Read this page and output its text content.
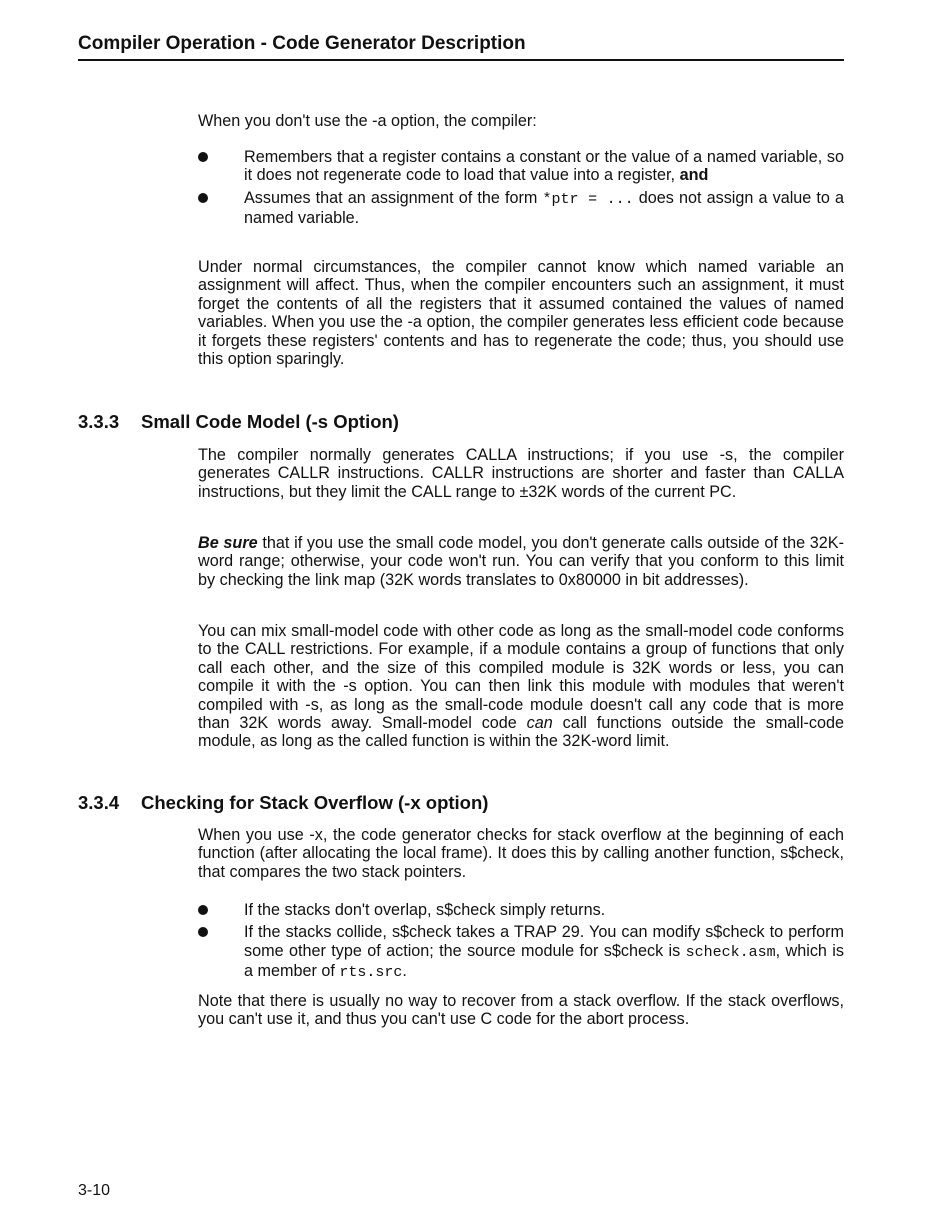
Compiler Operation - Code Generator Description

When you don't use the -a option, the compiler:

Remembers that a register contains a constant or the value of a named variable, so it does not regenerate code to load that value into a register, and
Assumes that an assignment of the form *ptr = ... does not assign a value to a named variable.

Under normal circumstances, the compiler cannot know which named variable an assignment will affect. Thus, when the compiler encounters such an assignment, it must forget the contents of all the registers that it assumed contained the values of named variables. When you use the -a option, the compiler generates less efficient code because it forgets these registers' contents and has to regenerate the code; thus, you should use this option sparingly.

3.3.3 Small Code Model (-s Option)

The compiler normally generates CALLA instructions; if you use -s, the compiler generates CALLR instructions. CALLR instructions are shorter and faster than CALLA instructions, but they limit the CALL range to ±32K words of the current PC.

Be sure that if you use the small code model, you don't generate calls outside of the 32K-word range; otherwise, your code won't run. You can verify that you conform to this limit by checking the link map (32K words translates to 0x80000 in bit addresses).

You can mix small-model code with other code as long as the small-model code conforms to the CALL restrictions. For example, if a module contains a group of functions that only call each other, and the size of this compiled module is 32K words or less, you can compile it with the -s option. You can then link this module with modules that weren't compiled with -s, as long as the small-code module doesn't call any code that is more than 32K words away. Small-model code can call functions outside the small-code module, as long as the called function is within the 32K-word limit.

3.3.4 Checking for Stack Overflow (-x option)

When you use -x, the code generator checks for stack overflow at the beginning of each function (after allocating the local frame). It does this by calling another function, s$check, that compares the two stack pointers.

If the stacks don't overlap, s$check simply returns.
If the stacks collide, s$check takes a TRAP 29. You can modify s$check to perform some other type of action; the source module for s$check is scheck.asm, which is a member of rts.src.

Note that there is usually no way to recover from a stack overflow. If the stack overflows, you can't use it, and thus you can't use C code for the abort process.

3-10
